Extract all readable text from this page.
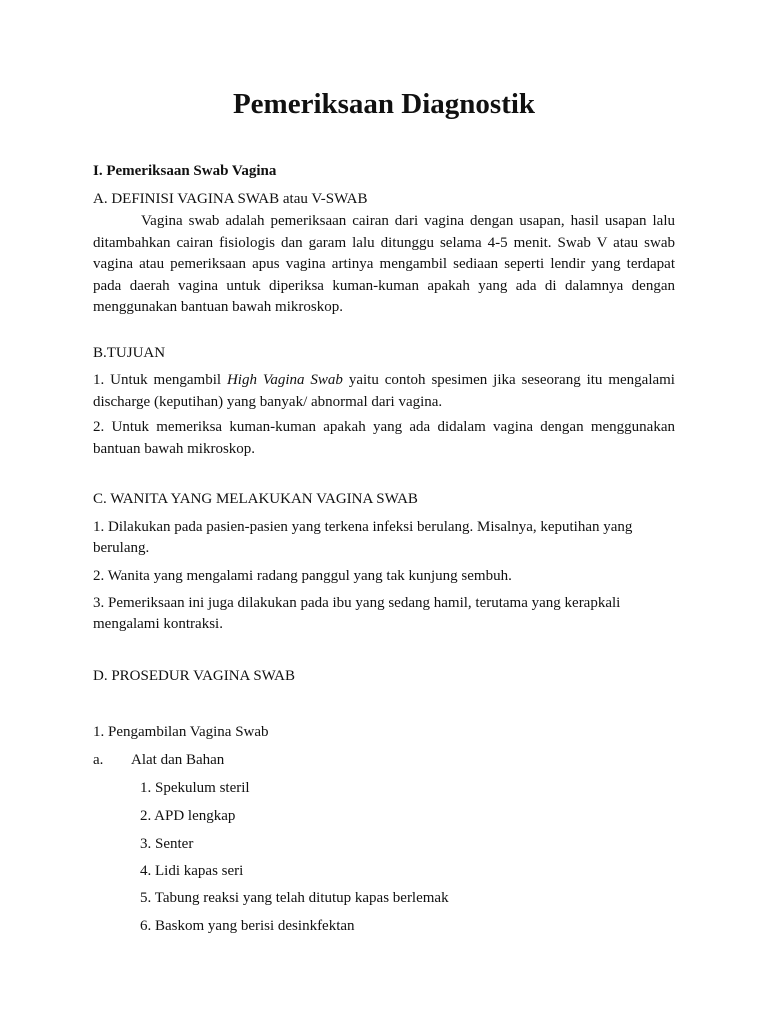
Pemeriksaan Diagnostik

I. Pemeriksaan Swab Vagina

A. DEFINISI VAGINA SWAB atau V-SWAB

Vagina swab adalah pemeriksaan cairan dari vagina dengan usapan, hasil usapan lalu ditambahkan cairan fisiologis dan garam lalu ditunggu selama 4-5 menit. Swab V atau swab vagina atau pemeriksaan apus vagina artinya mengambil sediaan seperti lendir yang terdapat pada daerah vagina untuk diperiksa kuman-kuman apakah yang ada di dalamnya dengan menggunakan bantuan bawah mikroskop.

B.TUJUAN

1. Untuk mengambil High Vagina Swab yaitu contoh spesimen jika seseorang itu mengalami discharge (keputihan) yang banyak/ abnormal dari vagina.

2. Untuk memeriksa kuman-kuman apakah yang ada didalam vagina dengan menggunakan bantuan bawah mikroskop.

C. WANITA YANG MELAKUKAN VAGINA SWAB

1. Dilakukan pada pasien-pasien yang terkena infeksi berulang. Misalnya, keputihan yang

berulang.

2. Wanita yang mengalami radang panggul yang tak kunjung sembuh.

3. Pemeriksaan ini juga dilakukan pada ibu yang sedang hamil, terutama yang kerapkali

mengalami kontraksi.

D. PROSEDUR VAGINA SWAB

1. Pengambilan Vagina Swab

a. Alat dan Bahan
1. Spekulum steril
2. APD lengkap
3. Senter
4. Lidi kapas seri
5. Tabung reaksi yang telah ditutup kapas berlemak
6. Baskom yang berisi desinkfektan
